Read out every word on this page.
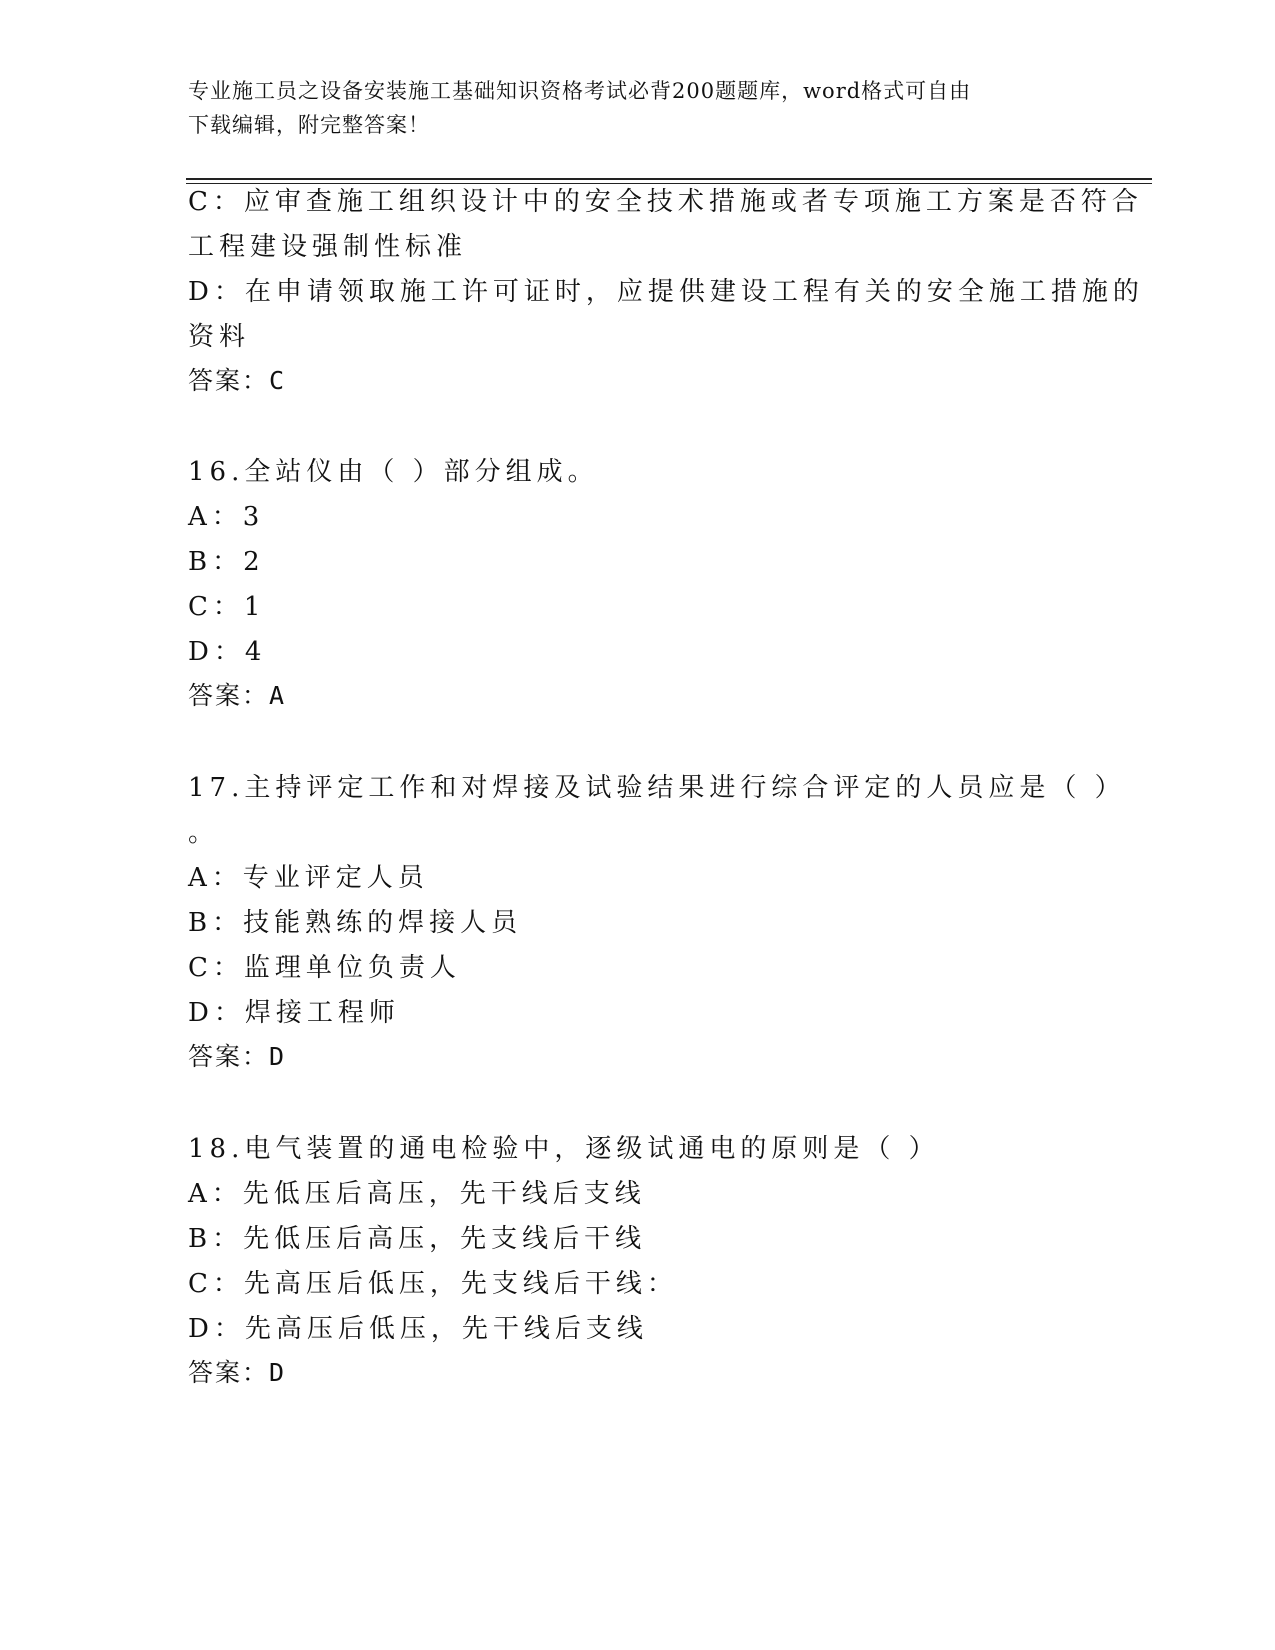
专业施工员之设备安装施工基础知识资格考试必背200题题库，word格式可自由
下载编辑，附完整答案！
C：应审查施工组织设计中的安全技术措施或者专项施工方案是否符合
工程建设强制性标准
D：在申请领取施工许可证时，应提供建设工程有关的安全施工措施的
资料
答案：C
16.全站仪由（ ）部分组成。
A：3
B：2
C：1
D：4
答案：A
17.主持评定工作和对焊接及试验结果进行综合评定的人员应是（ ）
。
A：专业评定人员
B：技能熟练的焊接人员
C：监理单位负责人
D：焊接工程师
答案：D
18.电气装置的通电检验中，逐级试通电的原则是（ ）
A：先低压后高压，先干线后支线
B：先低压后高压，先支线后干线
C：先高压后低压，先支线后干线：
D：先高压后低压，先干线后支线
答案：D
